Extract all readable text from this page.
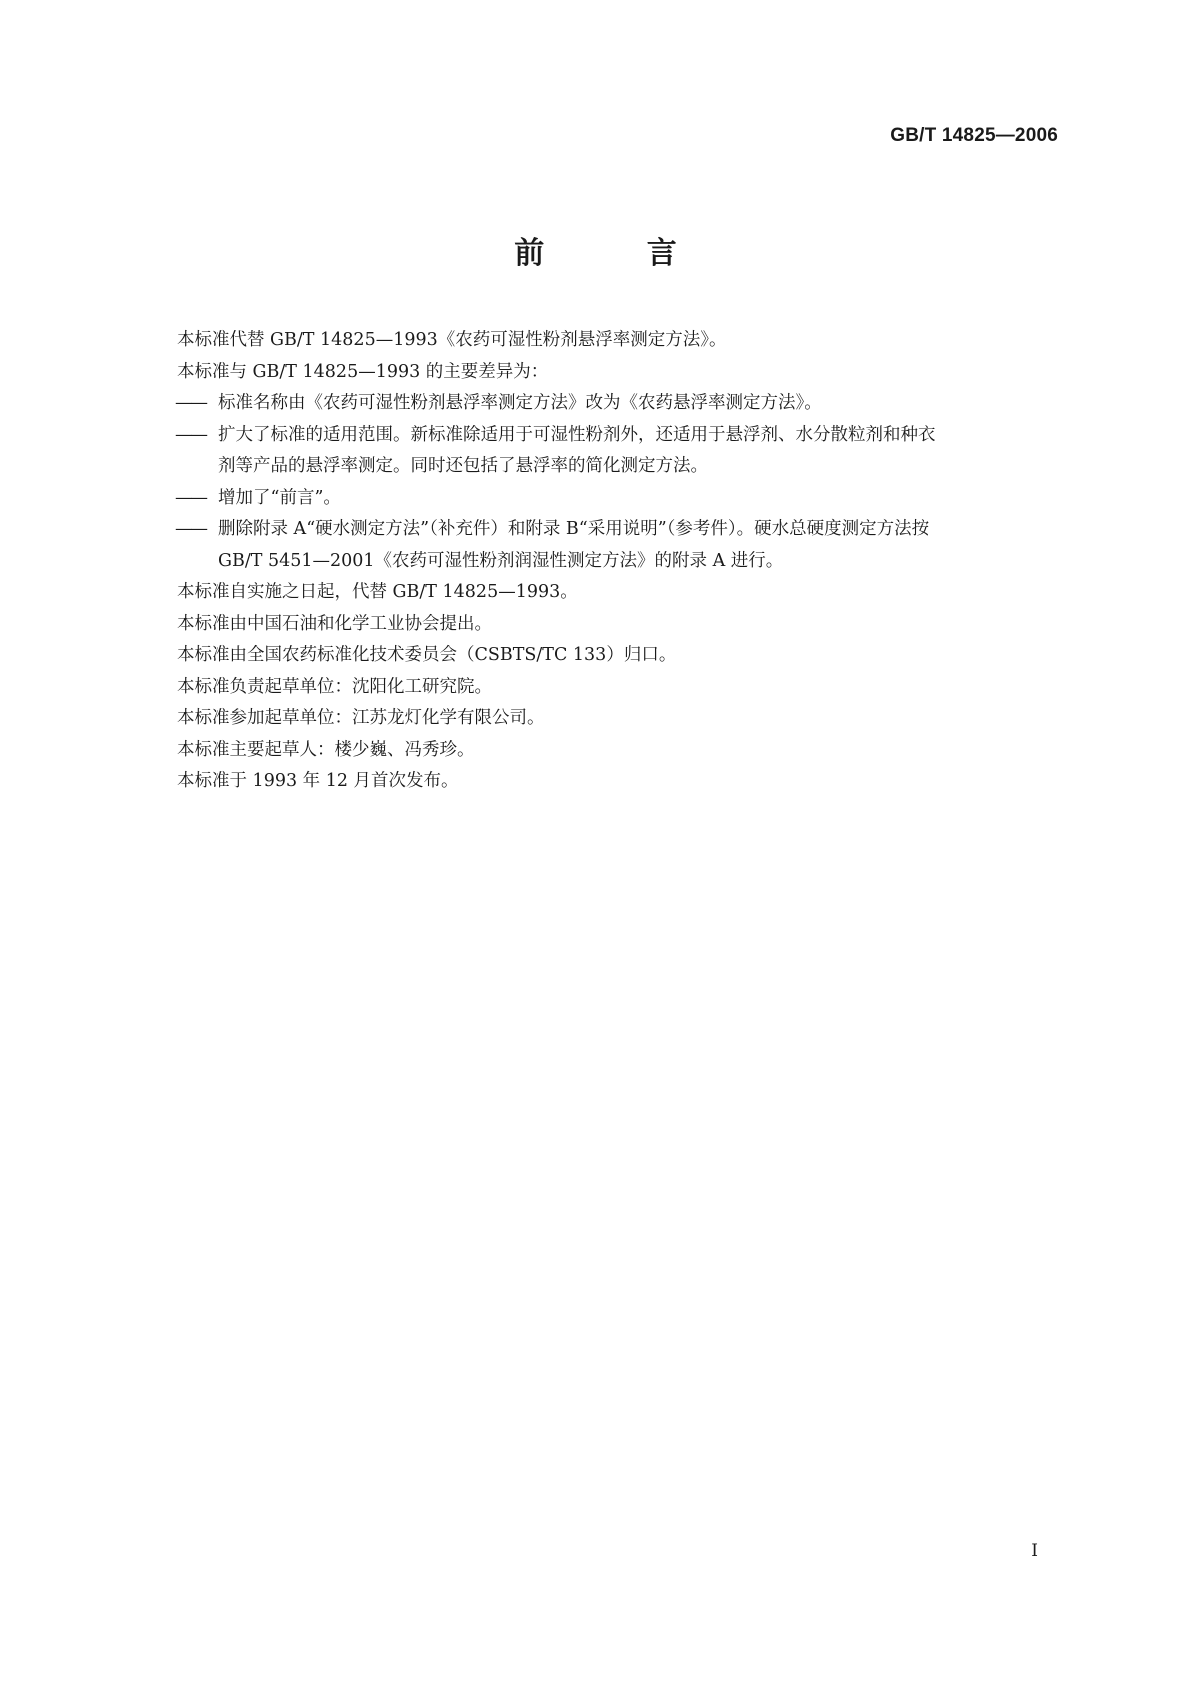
GB/T 14825—2006
前 言

本标准代替 GB/T 14825—1993《农药可湿性粉剂悬浮率测定方法》。

本标准与 GB/T 14825—1993 的主要差异为：

—— 标准名称由《农药可湿性粉剂悬浮率测定方法》改为《农药悬浮率测定方法》。
—— 扩大了标准的适用范围。新标准除适用于可湿性粉剂外，还适用于悬浮剂、水分散粒剂和种衣
剂等产品的悬浮率测定。同时还包括了悬浮率的简化测定方法。
—— 增加了“前言”。
—— 删除附录 A“硬水测定方法”（补充件）和附录 B“采用说明”（参考件）。硬水总硬度测定方法按
GB/T 5451—2001《农药可湿性粉剂润湿性测定方法》的附录 A 进行。

本标准自实施之日起，代替 GB/T 14825—1993。

本标准由中国石油和化学工业协会提出。

本标准由全国农药标准化技术委员会（CSBTS/TC 133）归口。

本标准负责起草单位：沈阳化工研究院。

本标准参加起草单位：江苏龙灯化学有限公司。

本标准主要起草人：楼少巍、冯秀珍。

本标准于 1993 年 12 月首次发布。

I
